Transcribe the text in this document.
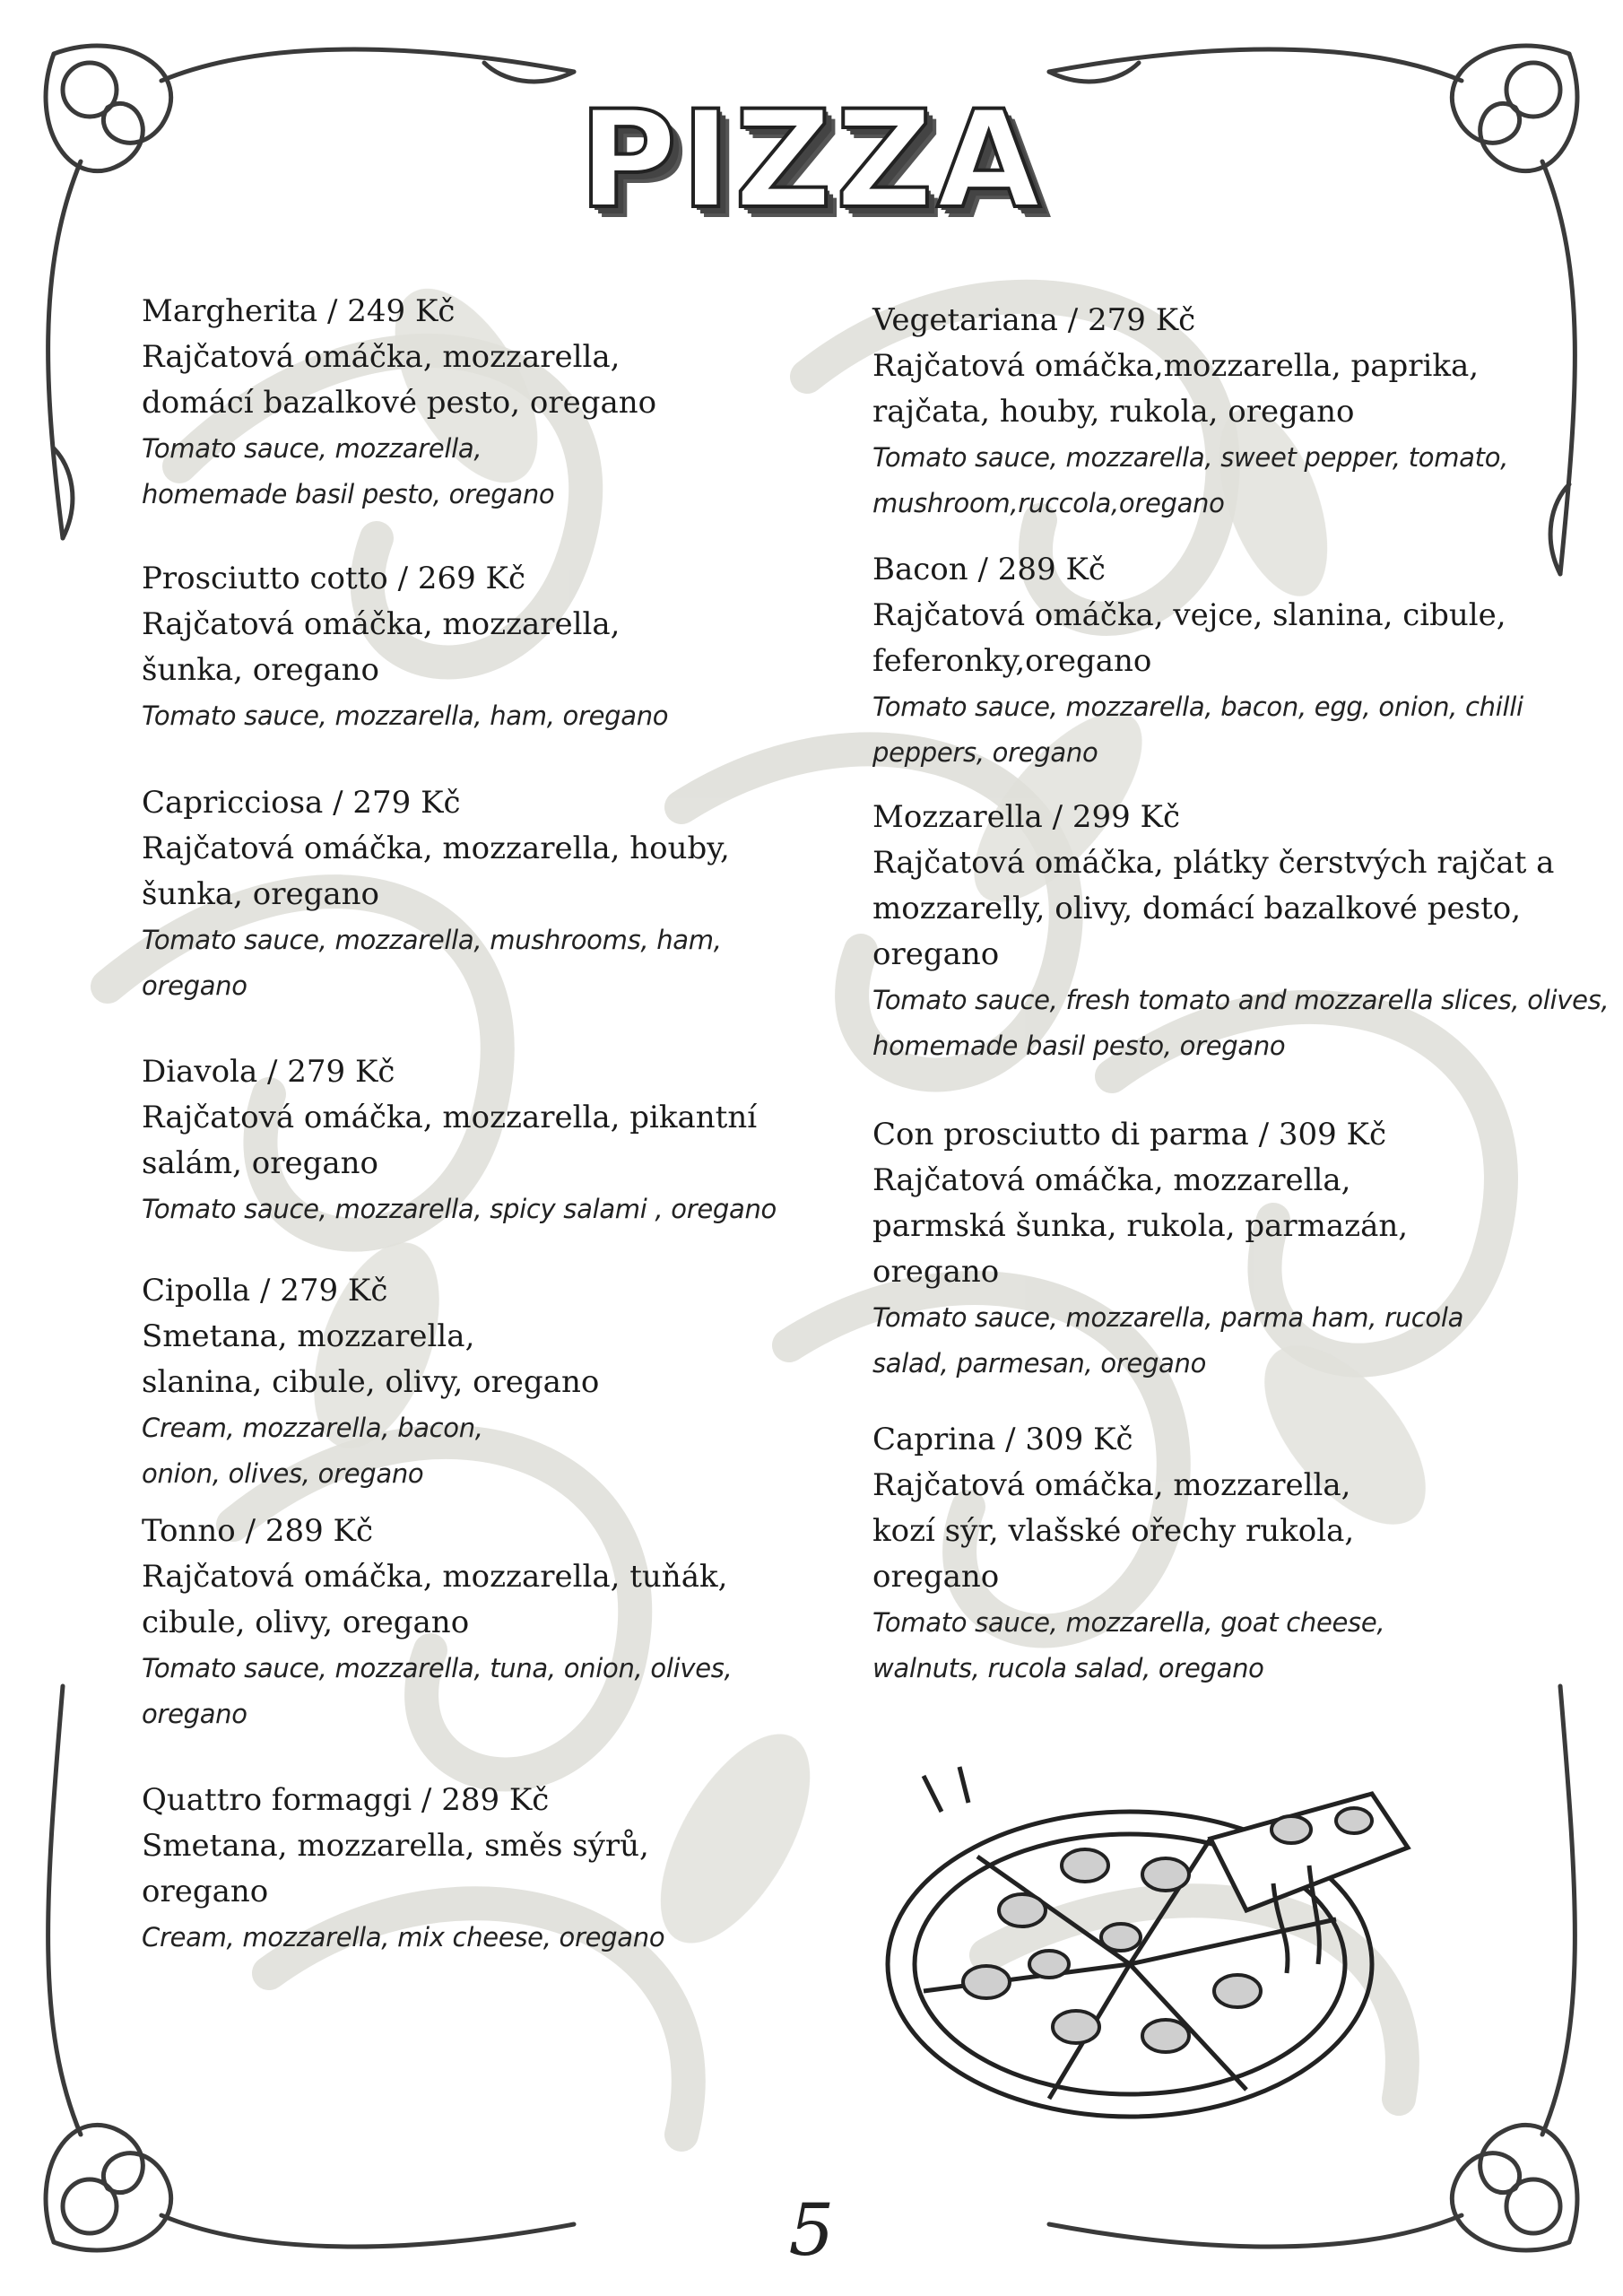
PIZZA
Margherita / 249 Kč
Rajčatová omáčka, mozzarella,
domácí bazalkové pesto, oregano
Tomato sauce, mozzarella,
homemade basil pesto, oregano
Prosciutto cotto / 269 Kč
Rajčatová omáčka, mozzarella,
šunka, oregano
Tomato sauce, mozzarella, ham, oregano
Capricciosa / 279 Kč
Rajčatová omáčka, mozzarella, houby,
šunka, oregano
Tomato sauce, mozzarella, mushrooms, ham,
oregano
Diavola / 279 Kč
Rajčatová omáčka, mozzarella, pikantní
salám, oregano
Tomato sauce, mozzarella, spicy salami , oregano
Cipolla / 279 Kč
Smetana, mozzarella,
slanina, cibule, olivy, oregano
Cream, mozzarella, bacon,
onion, olives, oregano
Tonno / 289 Kč
Rajčatová omáčka, mozzarella, tuňák,
cibule, olivy, oregano
Tomato sauce, mozzarella, tuna, onion, olives,
oregano
Quattro formaggi / 289 Kč
Smetana, mozzarella, směs sýrů,
oregano
Cream, mozzarella, mix cheese, oregano
Vegetariana / 279 Kč
Rajčatová omáčka,mozzarella, paprika,
rajčata, houby, rukola, oregano
Tomato sauce, mozzarella, sweet pepper, tomato,
mushroom,ruccola,oregano
Bacon / 289 Kč
Rajčatová omáčka, vejce, slanina, cibule,
feferonky,oregano
Tomato sauce, mozzarella, bacon, egg, onion, chilli
peppers, oregano
Mozzarella / 299 Kč
Rajčatová omáčka, plátky čerstvých rajčat a
mozzarelly, olivy, domácí bazalkové pesto,
oregano
Tomato sauce, fresh tomato and mozzarella slices, olives,
homemade basil pesto, oregano
Con prosciutto di parma / 309 Kč
Rajčatová omáčka, mozzarella,
parmská šunka, rukola, parmazán,
oregano
Tomato sauce, mozzarella, parma ham, rucola
salad, parmesan, oregano
Caprina / 309 Kč
Rajčatová omáčka, mozzarella,
kozí sýr, vlašské ořechy rukola,
oregano
Tomato sauce, mozzarella, goat cheese,
walnuts, rucola salad, oregano
5
